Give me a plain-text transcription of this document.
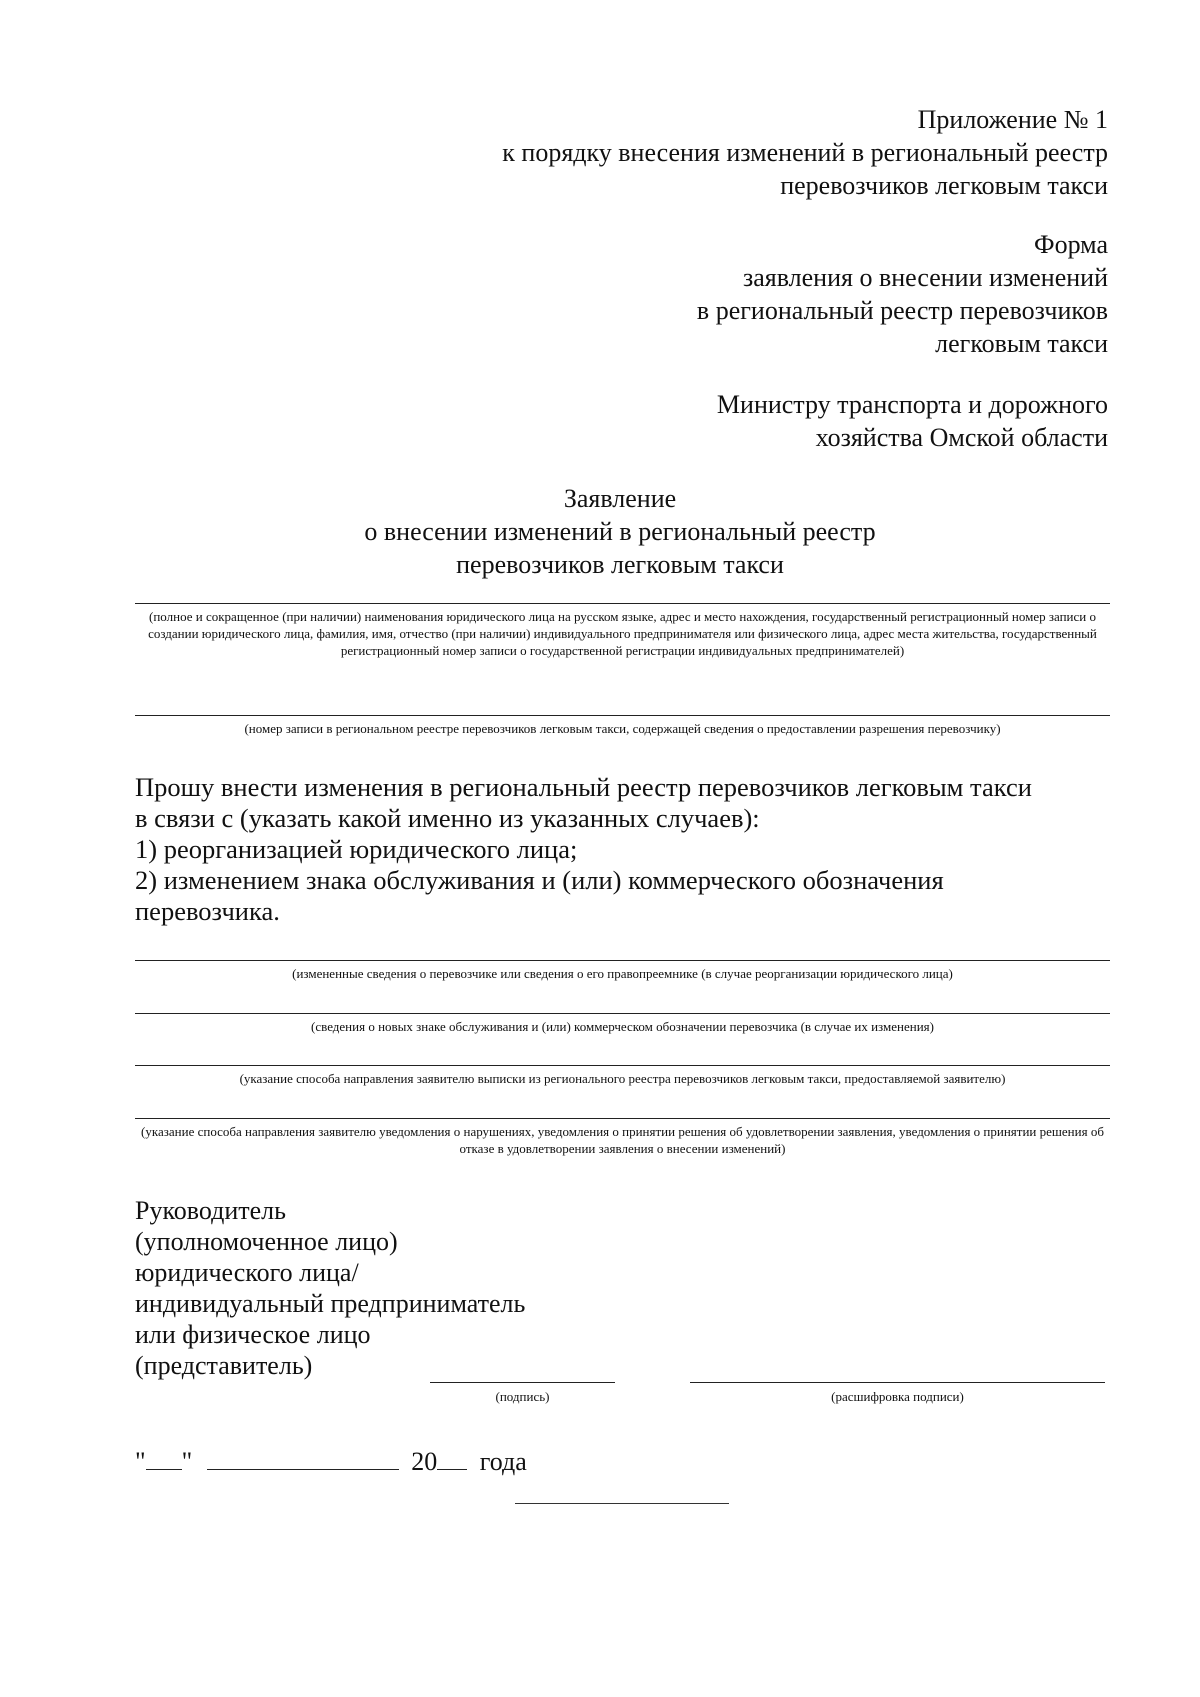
Приложение № 1
к порядку внесения изменений в региональный реестр
перевозчиков легковым такси
Форма
заявления о внесении изменений
в региональный реестр перевозчиков
легковым такси
Министру транспорта и дорожного
хозяйства Омской области
Заявление
о внесении изменений в региональный реестр
перевозчиков легковым такси
(полное и сокращенное (при наличии) наименования юридического лица на русском языке, адрес и место нахождения, государственный регистрационный номер записи о создании юридического лица, фамилия, имя, отчество (при наличии) индивидуального предпринимателя или физического лица, адрес места жительства, государственный регистрационный номер записи о государственной регистрации индивидуальных предпринимателей)
(номер записи в региональном реестре перевозчиков легковым такси, содержащей сведения о предоставлении разрешения перевозчику)

Прошу внести изменения в региональный реестр перевозчиков легковым такси

в связи с (указать какой именно из указанных случаев):

1) реорганизацией юридического лица;

2) изменением знака обслуживания и (или) коммерческого обозначения

перевозчика.

(измененные сведения о перевозчике или сведения о его правопреемнике (в случае реорганизации юридического лица)
(сведения о новых знаке обслуживания и (или) коммерческом обозначении перевозчика (в случае их изменения)
(указание способа направления заявителю выписки из регионального реестра перевозчиков легковым такси, предоставляемой заявителю)
(указание способа направления заявителю уведомления о нарушениях, уведомления о принятии решения об удовлетворении заявления, уведомления о принятии решения об отказе в удовлетворении заявления о внесении изменений)

Руководитель

(уполномоченное лицо)

юридического лица/

индивидуальный предприниматель

или физическое лицо

(представитель)

(подпись)	(расшифровка подписи)
" "	20 года
